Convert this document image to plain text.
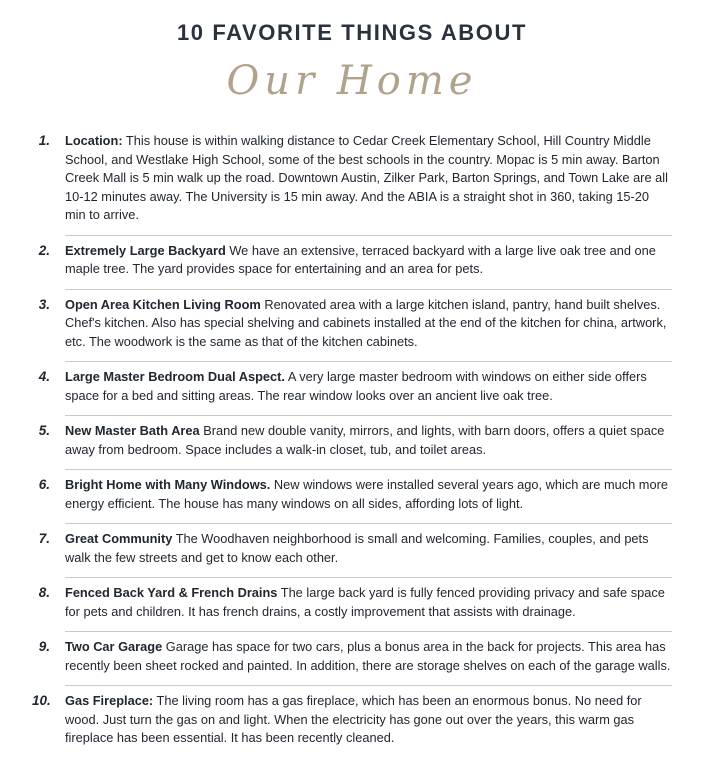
10 FAVORITE THINGS ABOUT
Our Home
1. Location: This house is within walking distance to Cedar Creek Elementary School, Hill Country Middle School, and Westlake High School, some of the best schools in the country. Mopac is 5 min away. Barton Creek Mall is 5 min walk up the road. Downtown Austin, Zilker Park, Barton Springs, and Town Lake are all 10-12 minutes away. The University is 15 min away. And the ABIA is a straight shot in 360, taking 15-20 min to arrive.

2. Extremely Large Backyard We have an extensive, terraced backyard with a large live oak tree and one maple tree. The yard provides space for entertaining and an area for pets.

3. Open Area Kitchen Living Room Renovated area with a large kitchen island, pantry, hand built shelves. Chef's kitchen. Also has special shelving and cabinets installed at the end of the kitchen for china, artwork, etc. The woodwork is the same as that of the kitchen cabinets.

4. Large Master Bedroom Dual Aspect. A very large master bedroom with windows on either side offers space for a bed and sitting areas. The rear window looks over an ancient live oak tree.

5. New Master Bath Area Brand new double vanity, mirrors, and lights, with barn doors, offers a quiet space away from bedroom. Space includes a walk-in closet, tub, and toilet areas.

6. Bright Home with Many Windows. New windows were installed several years ago, which are much more energy efficient. The house has many windows on all sides, affording lots of light.

7. Great Community The Woodhaven neighborhood is small and welcoming. Families, couples, and pets walk the few streets and get to know each other.

8. Fenced Back Yard & French Drains The large back yard is fully fenced providing privacy and safe space for pets and children. It has french drains, a costly improvement that assists with drainage.

9. Two Car Garage Garage has space for two cars, plus a bonus area in the back for projects. This area has recently been sheet rocked and painted. In addition, there are storage shelves on each of the garage walls.

10. Gas Fireplace: The living room has a gas fireplace, which has been an enormous bonus. No need for wood. Just turn the gas on and light. When the electricity has gone out over the years, this warm gas fireplace has been essential. It has been recently cleaned.
